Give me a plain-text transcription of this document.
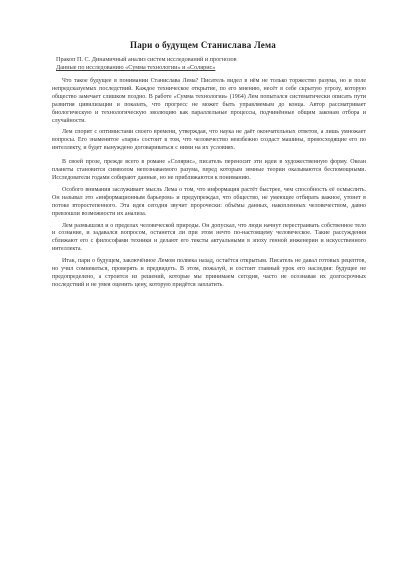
Пари о будущем Станислава Лема

Пракоп П. С. Динамичный анализ систем исследований и прогнозов

Данные по исследованию «Сумма технологии» и «Солярис»

Что такое будущее в понимании Станислава Лема? Писатель видел в нём не только торжество разума, но и поле непредсказуемых последствий. Каждое техническое открытие, по его мнению, несёт в себе скрытую угрозу, которую общество замечает слишком поздно. В работе «Сумма технологии» (1964) Лем попытался систематически описать пути развития цивилизации и показать, что прогресс не может быть управляемым до конца. Автор рассматривает биологическую и технологическую эволюцию как параллельные процессы, подчинённые общим законам отбора и случайности.

Лем спорит с оптимистами своего времени, утверждая, что наука не даёт окончательных ответов, а лишь умножает вопросы. Его знаменитое «пари» состоит в том, что человечество неизбежно создаст машины, превосходящие его по интеллекту, и будет вынуждено договариваться с ними на их условиях.

В своей прозе, прежде всего в романе «Солярис», писатель переносит эти идеи в художественную форму. Океан планеты становится символом непознаваемого разума, перед которым земные теории оказываются беспомощными. Исследователи годами собирают данные, но не приближаются к пониманию.

Особого внимания заслуживает мысль Лема о том, что информация растёт быстрее, чем способность её осмыслить. Он называл это «информационным барьером» и предупреждал, что общество, не умеющее отбирать важное, утонет в потоке второстепенного. Эта идея сегодня звучит пророчески: объёмы данных, накопленных человечеством, давно превзошли возможности их анализа.

Лем размышлял и о пределах человеческой природы. Он допускал, что люди начнут перестраивать собственное тело и сознание, и задавался вопросом, останется ли при этом нечто по-настоящему человеческое. Такие рассуждения сближают его с философами техники и делают его тексты актуальными в эпоху генной инженерии и искусственного интеллекта.

Итак, пари о будущем, заключённое Лемом полвека назад, остаётся открытым. Писатель не давал готовых рецептов, но учил сомневаться, проверять и предвидеть. В этом, пожалуй, и состоит главный урок его наследия: будущее не предопределено, а строится из решений, которые мы принимаем сегодня, часто не осознавая их долгосрочных последствий и не умея оценить цену, которую придётся заплатить.
